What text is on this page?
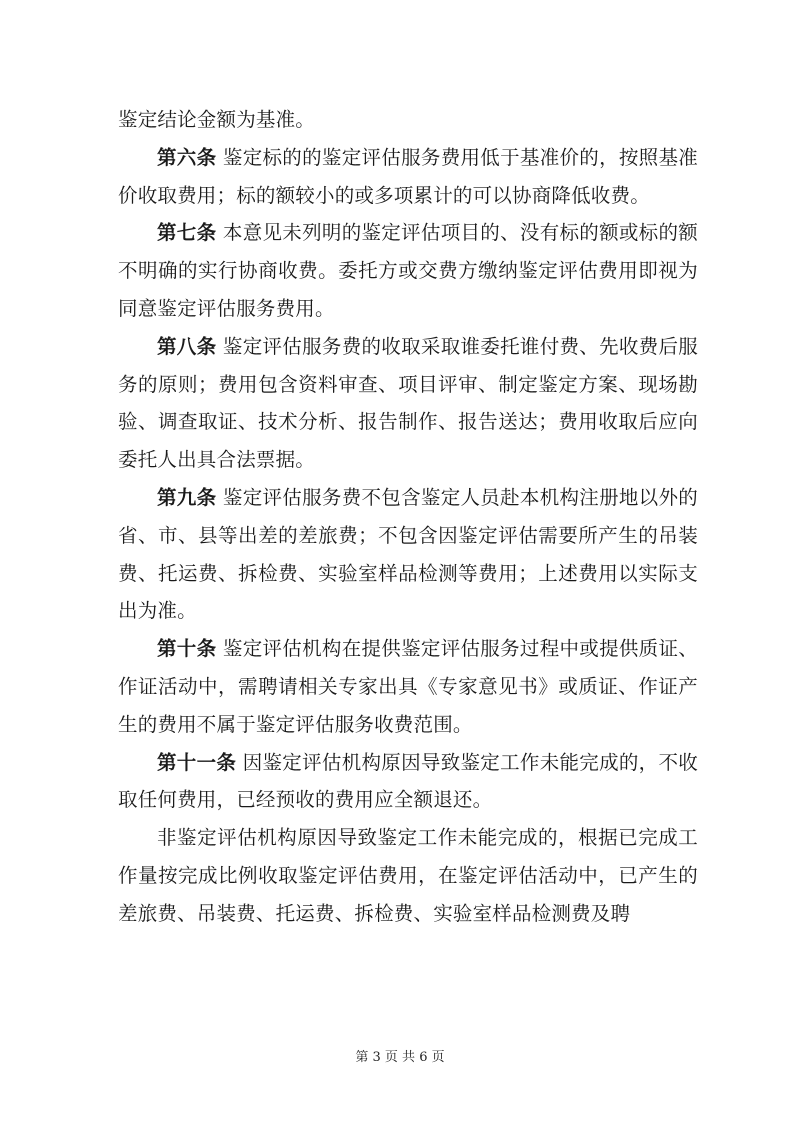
鉴定结论金额为基准。

第六条 鉴定标的的鉴定评估服务费用低于基准价的，按照基准价收取费用；标的额较小的或多项累计的可以协商降低收费。

第七条 本意见未列明的鉴定评估项目的、没有标的额或标的额不明确的实行协商收费。委托方或交费方缴纳鉴定评估费用即视为同意鉴定评估服务费用。

第八条 鉴定评估服务费的收取采取谁委托谁付费、先收费后服务的原则；费用包含资料审查、项目评审、制定鉴定方案、现场勘验、调查取证、技术分析、报告制作、报告送达；费用收取后应向委托人出具合法票据。

第九条 鉴定评估服务费不包含鉴定人员赴本机构注册地以外的省、市、县等出差的差旅费；不包含因鉴定评估需要所产生的吊装费、托运费、拆检费、实验室样品检测等费用；上述费用以实际支出为准。

第十条 鉴定评估机构在提供鉴定评估服务过程中或提供质证、作证活动中，需聘请相关专家出具《专家意见书》或质证、作证产生的费用不属于鉴定评估服务收费范围。

第十一条 因鉴定评估机构原因导致鉴定工作未能完成的，不收取任何费用，已经预收的费用应全额退还。

非鉴定评估机构原因导致鉴定工作未能完成的，根据已完成工作量按完成比例收取鉴定评估费用，在鉴定评估活动中，已产生的差旅费、吊装费、托运费、拆检费、实验室样品检测费及聘

第 3 页 共 6 页
